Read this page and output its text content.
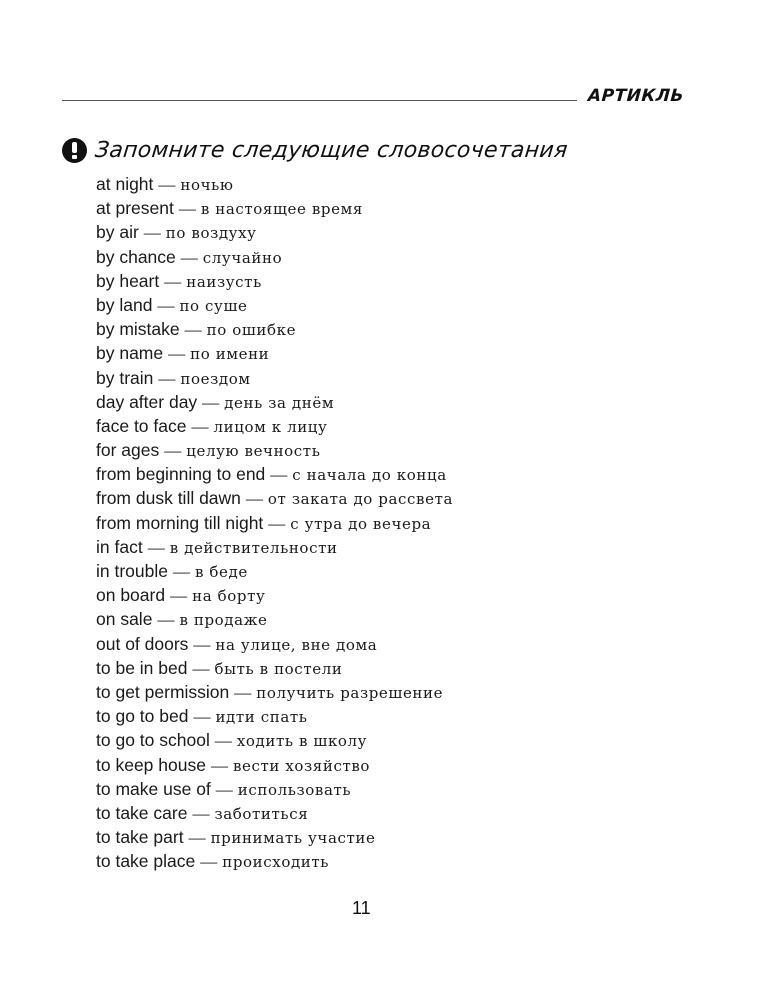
АРТИКЛЬ
Запомните следующие словосочетания
at night — ночью
at present — в настоящее время
by air — по воздуху
by chance — случайно
by heart — наизусть
by land — по суше
by mistake — по ошибке
by name — по имени
by train — поездом
day after day — день за днём
face to face — лицом к лицу
for ages — целую вечность
from beginning to end — с начала до конца
from dusk till dawn — от заката до рассвета
from morning till night — с утра до вечера
in fact — в действительности
in trouble — в беде
on board — на борту
on sale — в продаже
out of doors — на улице, вне дома
to be in bed — быть в постели
to get permission — получить разрешение
to go to bed — идти спать
to go to school — ходить в школу
to keep house — вести хозяйство
to make use of — использовать
to take care — заботиться
to take part — принимать участие
to take place — происходить
11
